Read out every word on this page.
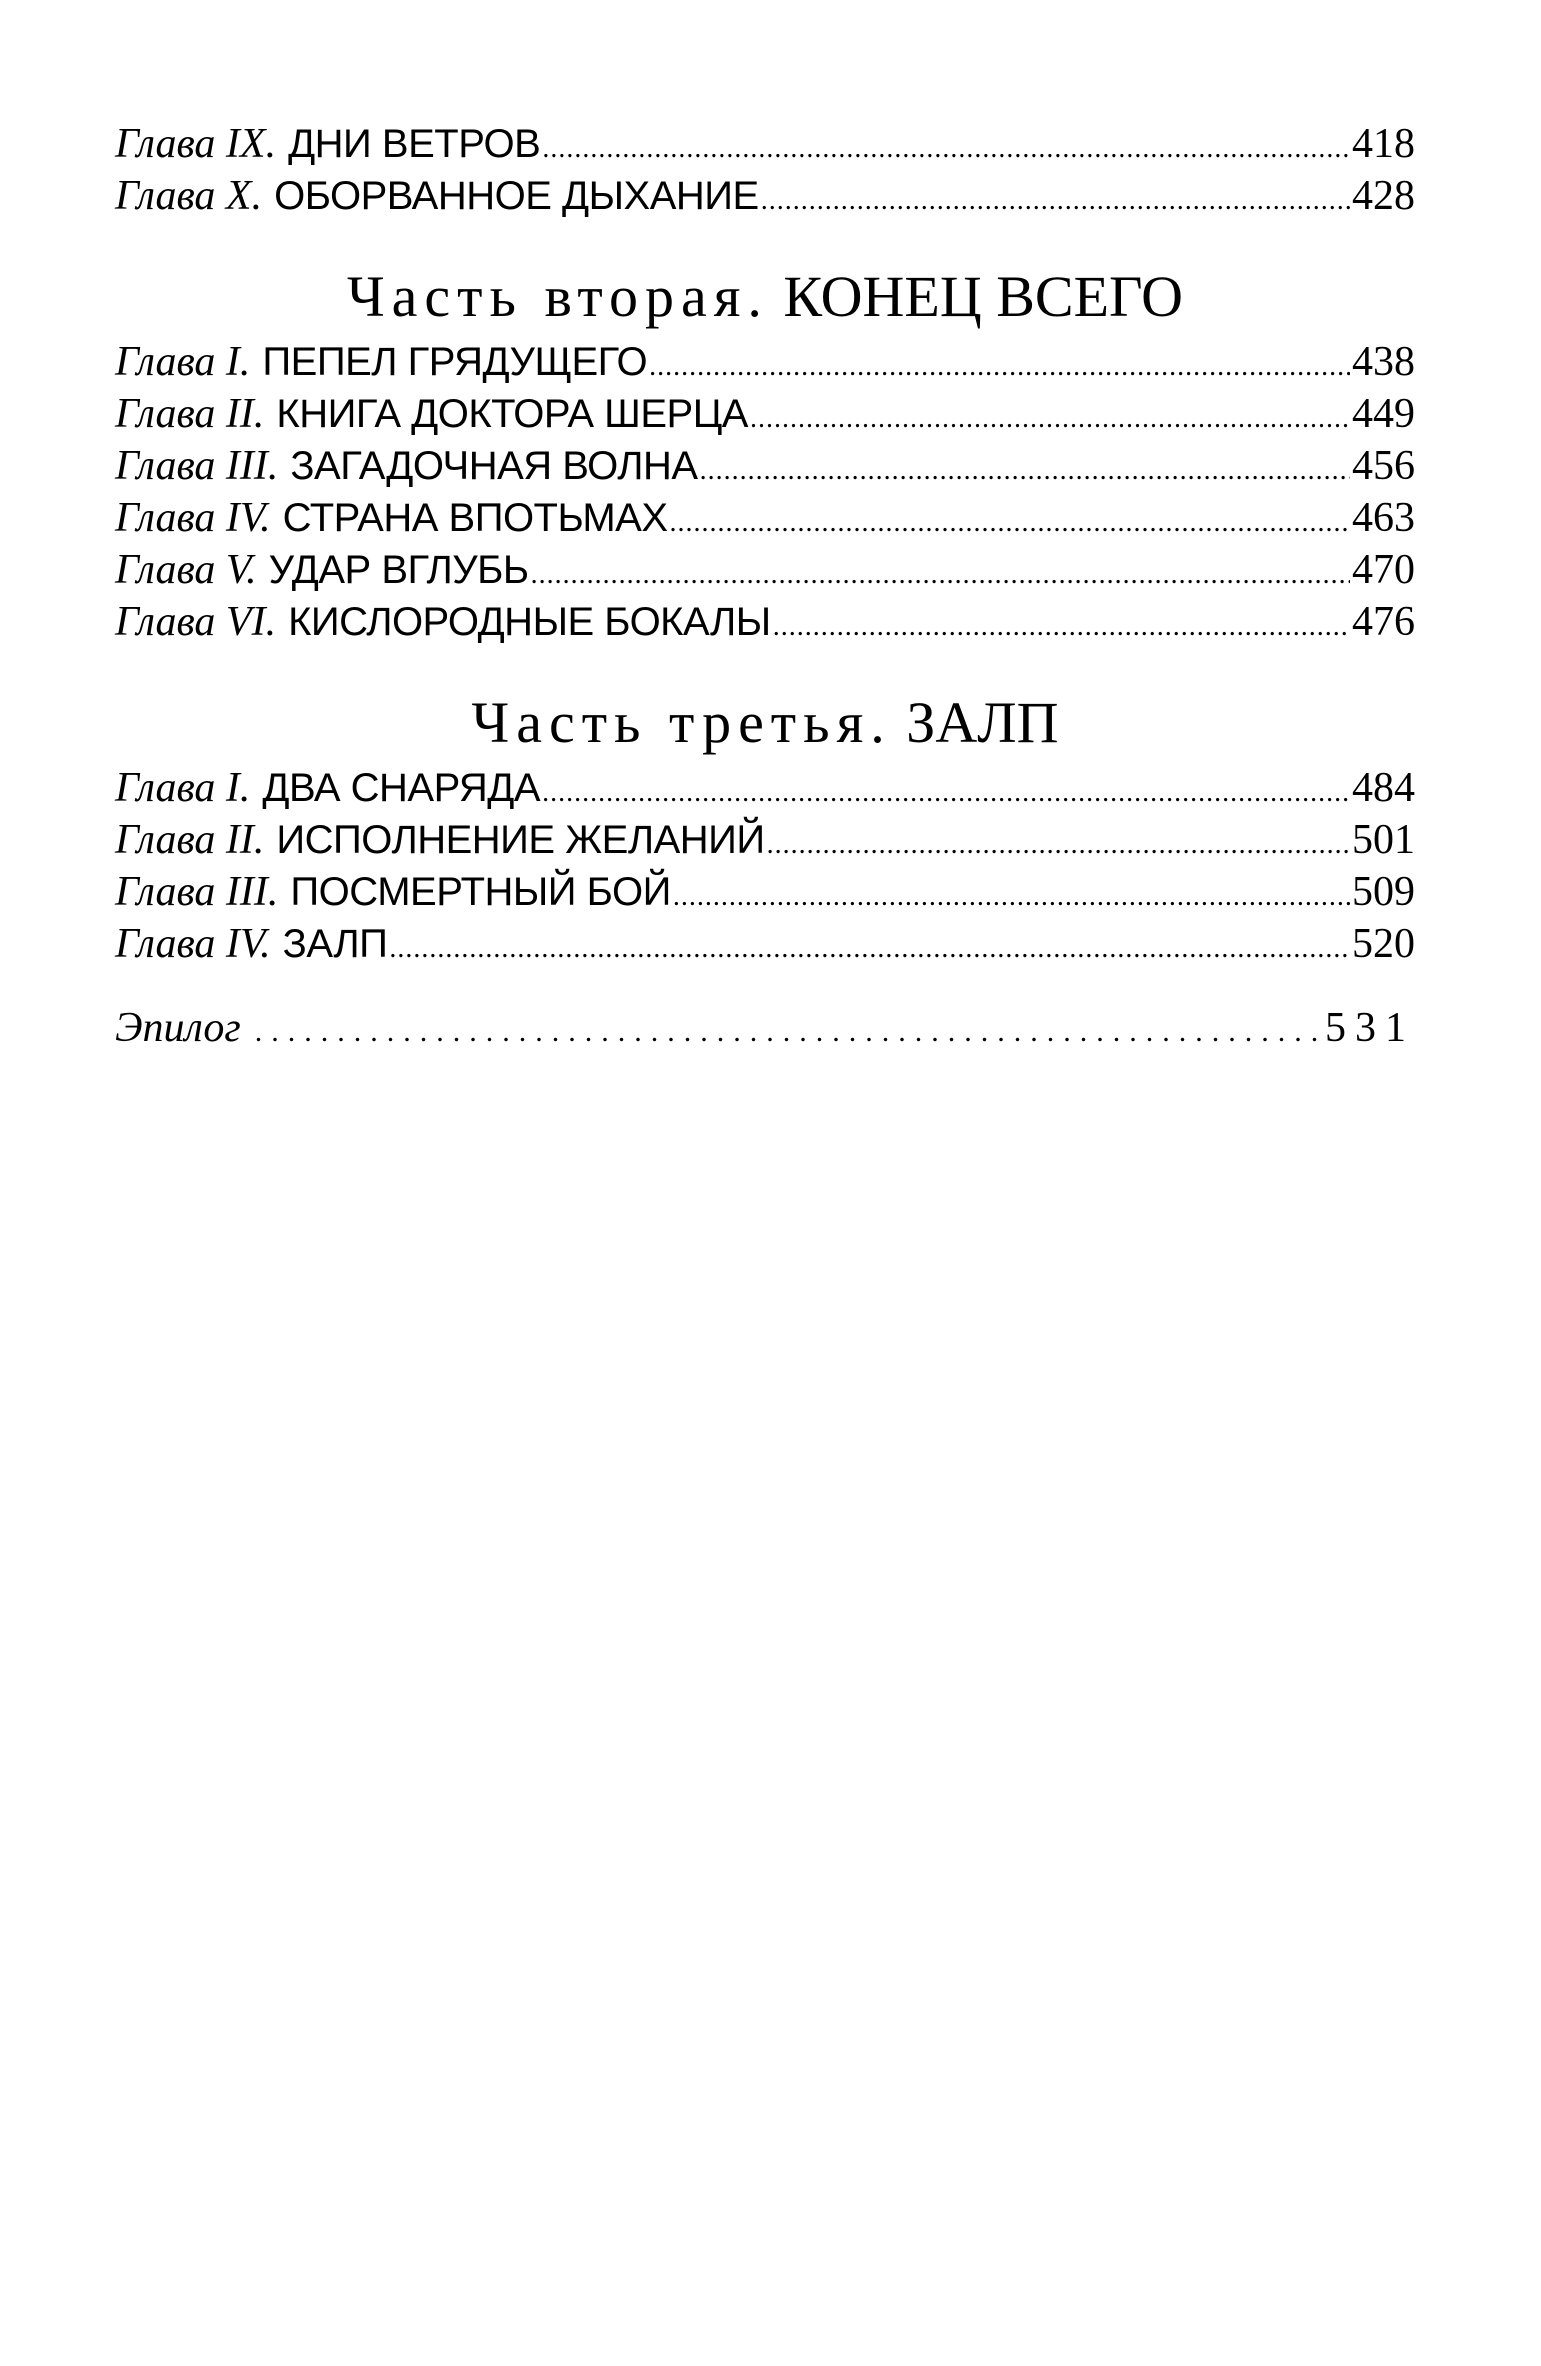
Глава IX. ДНИ ВЕТРОВ .....	418
Глава X. ОБОРВАННОЕ ДЫХАНИЕ .....	428
Часть вторая. КОНЕЦ ВСЕГО
Глава I. ПЕПЕЛ ГРЯДУЩЕГО .....	438
Глава II. КНИГА ДОКТОРА ШЕРЦА .....	449
Глава III. ЗАГАДОЧНАЯ ВОЛНА .....	456
Глава IV. СТРАНА ВПОТЬМАХ .....	463
Глава V. УДАР ВГЛУБЬ .....	470
Глава VI. КИСЛОРОДНЫЕ БОКАЛЫ .....	476
Часть третья. ЗАЛП
Глава I. ДВА СНАРЯДА .....	484
Глава II. ИСПОЛНЕНИЕ ЖЕЛАНИЙ .....	501
Глава III. ПОСМЕРТНЫЙ БОЙ .....	509
Глава IV. ЗАЛП .....	520
Эпилог .....	531
